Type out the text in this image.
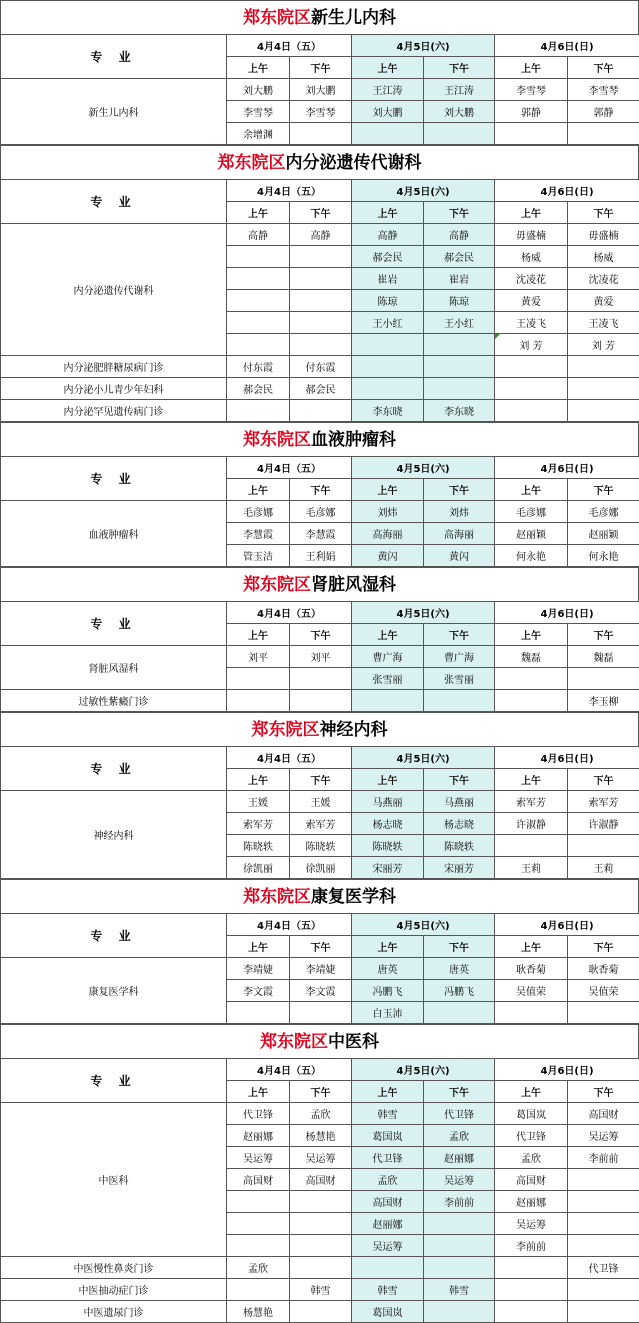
郑东院区新生儿内科
专 业	4月4日（五）		4月5日(六)		4月6日(日)	
	上午	下午	上午	下午	上午	下午
新生儿内科	刘大鹏	刘大鹏	王江涛	王江涛	李雪琴	李雪琴
	李雪琴	李雪琴	刘大鹏	刘大鹏	郭静	郭静
	余增渊					
郑东院区内分泌遗传代谢科
专 业	4月4日（五）		4月5日(六)		4月6日(日)	
	上午	下午	上午	下午	上午	下午
内分泌遗传代谢科	高静	高静	高静	高静	毋盛楠	毋盛楠
			郝会民	郝会民	杨威	杨威
			崔岩	崔岩	沈凌花	沈凌花
			陈琼	陈琼	黄爱	黄爱
			王小红	王小红	王凌飞	王凌飞
					刘 芳	刘 芳
内分泌肥胖糖尿病门诊	付东霞	付东霞				
内分泌小儿青少年妇科	郝会民	郝会民				
内分泌罕见遗传病门诊			李东晓	李东晓		
郑东院区血液肿瘤科
专 业	4月4日（五）		4月5日(六)		4月6日(日)	
	上午	下午	上午	下午	上午	下午
血液肿瘤科	毛彦娜	毛彦娜	刘炜	刘炜	毛彦娜	毛彦娜
	李慧霞	李慧霞	高海丽	高海丽	赵丽颖	赵丽颖
	管玉洁	王利娟	黄闪	黄闪	何永艳	何永艳
郑东院区肾脏风湿科
专 业	4月4日（五）		4月5日(六)		4月6日(日)	
	上午	下午	上午	下午	上午	下午
肾脏风湿科	刘平	刘平	曹广海	曹广海	魏磊	魏磊
			张雪丽	张雪丽		
过敏性紫癜门诊						李玉柳
郑东院区神经内科
专 业	4月4日（五）		4月5日(六)		4月6日(日)	
	上午	下午	上午	下午	上午	下午
神经内科	王媛	王媛	马燕丽	马燕丽	索军芳	索军芳
	索军芳	索军芳	杨志晓	杨志晓	许淑静	许淑静
	陈晓轶	陈晓轶	陈晓轶	陈晓轶		
	徐凯丽	徐凯丽	宋丽芳	宋丽芳	王莉	王莉
郑东院区康复医学科
专 业	4月4日（五）		4月5日(六)		4月6日(日)	
	上午	下午	上午	下午	上午	下午
康复医学科	李靖婕	李靖婕	唐英	唐英	耿香菊	耿香菊
	李文霞	李文霞	冯鹏飞	冯鹏飞	吴值荣	吴值荣
			白玉沛			
郑东院区中医科
专 业	4月4日（五）		4月5日(六)		4月6日(日)	
	上午	下午	上午	下午	上午	下午
中医科	代卫锋	孟欣	韩雪	代卫锋	葛国岚	高国财
	赵丽娜	杨慧艳	葛国岚	孟欣	代卫锋	吴运筹
	吴运筹	吴运筹	代卫锋	赵丽娜	孟欣	李前前
	高国财	高国财	孟欣	吴运筹	高国财	
			高国财	李前前	赵丽娜	
			赵丽娜		吴运筹	
			吴运筹		李前前	
中医慢性鼻炎门诊	孟欣					代卫锋
中医抽动症门诊		韩雪	韩雪	韩雪		
中医遗尿门诊	杨慧艳		葛国岚			
